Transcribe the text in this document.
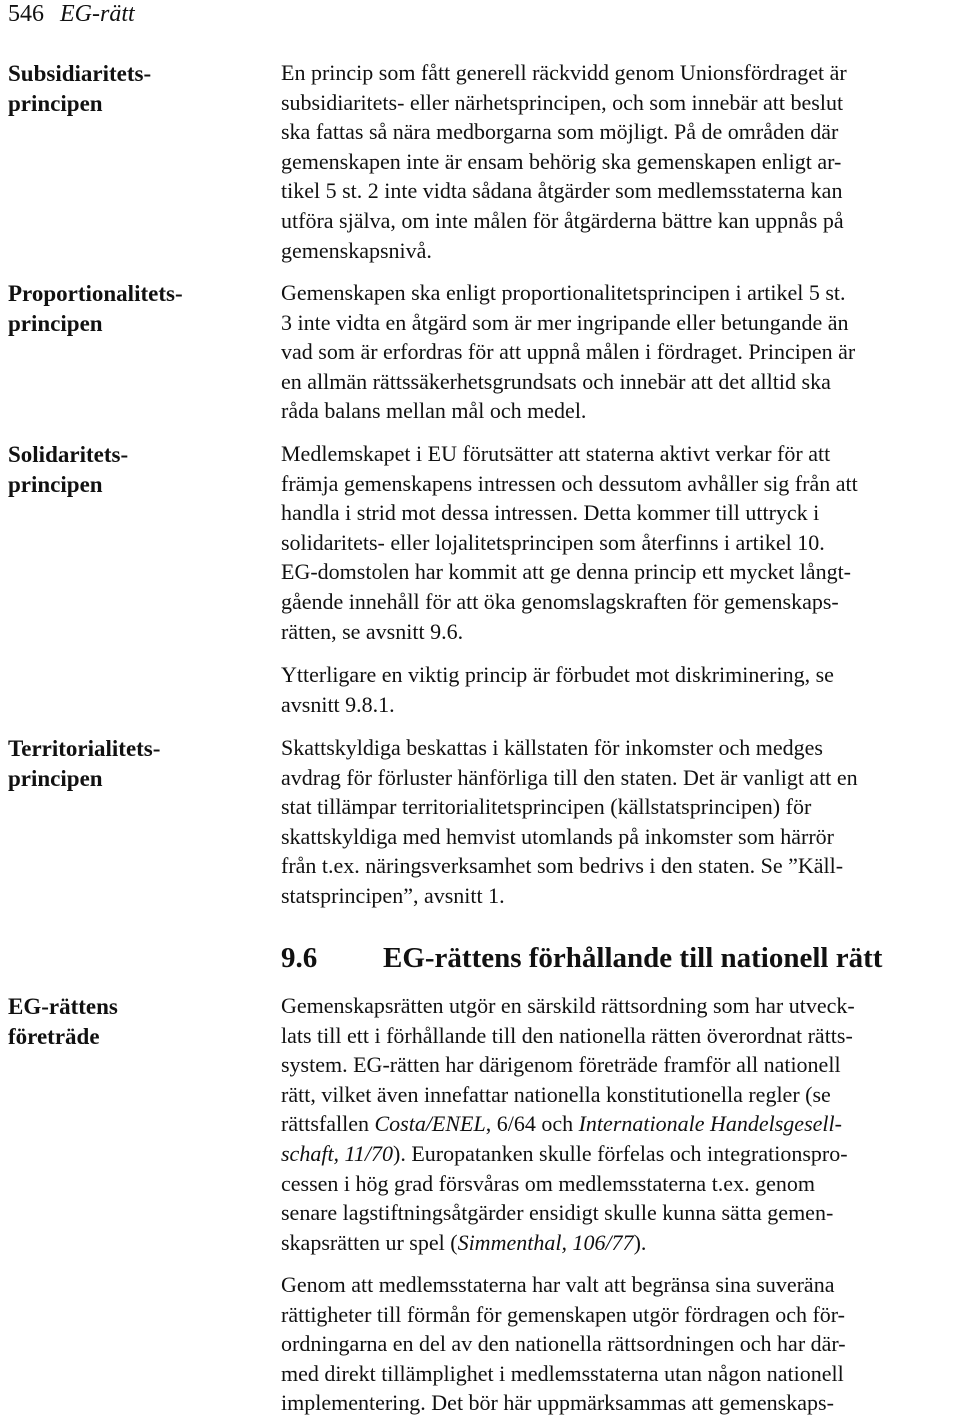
546 EG-rätt
Subsidiaritets-
principen
Proportionalitets-
principen
Solidaritets-
principen
Territorialitets-
principen
EG-rättens
företräde

En princip som fått generell räckvidd genom Unionsfördraget är
subsidiaritets- eller närhetsprincipen, och som innebär att beslut
ska fattas så nära medborgarna som möjligt. På de områden där
gemenskapen inte är ensam behörig ska gemenskapen enligt ar-
tikel 5 st. 2 inte vidta sådana åtgärder som medlemsstaterna kan
utföra själva, om inte målen för åtgärderna bättre kan uppnås på
gemenskapsnivå.

Gemenskapen ska enligt proportionalitetsprincipen i artikel 5 st.
3 inte vidta en åtgärd som är mer ingripande eller betungande än
vad som är erfordras för att uppnå målen i fördraget. Principen är
en allmän rättssäkerhetsgrundsats och innebär att det alltid ska
råda balans mellan mål och medel.

Medlemskapet i EU förutsätter att staterna aktivt verkar för att
främja gemenskapens intressen och dessutom avhåller sig från att
handla i strid mot dessa intressen. Detta kommer till uttryck i
solidaritets- eller lojalitetsprincipen som återfinns i artikel 10.
EG-domstolen har kommit att ge denna princip ett mycket långt-
gående innehåll för att öka genomslagskraften för gemenskaps-
rätten, se avsnitt 9.6.

Ytterligare en viktig princip är förbudet mot diskriminering, se
avsnitt 9.8.1.

Skattskyldiga beskattas i källstaten för inkomster och medges
avdrag för förluster hänförliga till den staten. Det är vanligt att en
stat tillämpar territorialitetsprincipen (källstatsprincipen) för
skattskyldiga med hemvist utomlands på inkomster som härrör
från t.ex. näringsverksamhet som bedrivs i den staten. Se ”Käll-
statsprincipen”, avsnitt 1.

9.6 EG-rättens förhållande till nationell rätt

Gemenskapsrätten utgör en särskild rättsordning som har utveck-
lats till ett i förhållande till den nationella rätten överordnat rätts-
system. EG-rätten har därigenom företräde framför all nationell
rätt, vilket även innefattar nationella konstitutionella regler (se
rättsfallen Costa/ENEL, 6/64 och Internationale Handelsgesell-
schaft, 11/70). Europatanken skulle förfelas och integrationspro-
cessen i hög grad försvåras om medlemsstaterna t.ex. genom
senare lagstiftningsåtgärder ensidigt skulle kunna sätta gemen-
skapsrätten ur spel (Simmenthal, 106/77).

Genom att medlemsstaterna har valt att begränsa sina suveräna
rättigheter till förmån för gemenskapen utgör fördragen och för-
ordningarna en del av den nationella rättsordningen och har där-
med direkt tillämplighet i medlemsstaterna utan någon nationell
implementering. Det bör här uppmärksammas att gemenskaps-
